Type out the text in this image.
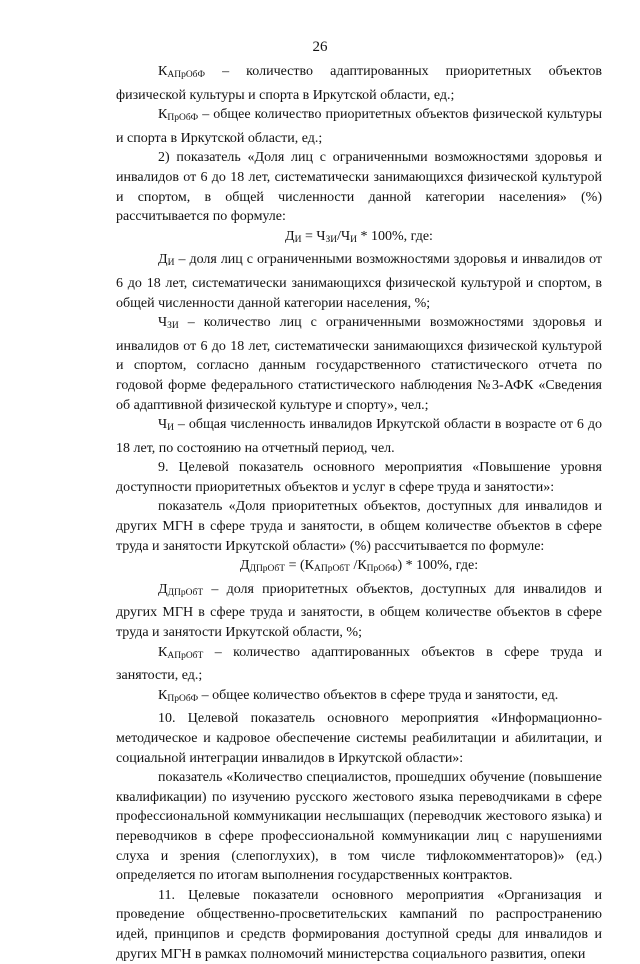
26

$К_{АПрОбФ}$ – количество адаптированных приоритетных объектов физической культуры и спорта в Иркутской области, ед.;

$К_{ПрОбФ}$ – общее количество приоритетных объектов физической культуры и спорта в Иркутской области, ед.;

2) показатель «Доля лиц с ограниченными возможностями здоровья и инвалидов от 6 до 18 лет, систематически занимающихся физической культурой и спортом, в общей численности данной категории населения» (%) рассчитывается по формуле:

$Д_И = Ч_{ЗИ}/Ч_И * 100\%$, где:

$Д_И$ – доля лиц с ограниченными возможностями здоровья и инвалидов от 6 до 18 лет, систематически занимающихся физической культурой и спортом, в общей численности данной категории населения, %;

$Ч_{ЗИ}$ – количество лиц с ограниченными возможностями здоровья и инвалидов от 6 до 18 лет, систематически занимающихся физической культурой и спортом, согласно данным государственного статистического отчета по годовой форме федерального статистического наблюдения №3-АФК «Сведения об адаптивной физической культуре и спорту», чел.;

$Ч_И$ – общая численность инвалидов Иркутской области в возрасте от 6 до 18 лет, по состоянию на отчетный период, чел.

9. Целевой показатель основного мероприятия «Повышение уровня доступности приоритетных объектов и услуг в сфере труда и занятости»:

показатель «Доля приоритетных объектов, доступных для инвалидов и других МГН в сфере труда и занятости, в общем количестве объектов в сфере труда и занятости Иркутской области» (%) рассчитывается по формуле:

$Д_{ДПрОбТ} = (К_{АПрОбТ}$ $/К_{ПрОбФ}) * 100\%$, где:

$Д_{ДПрОбТ}$ – доля приоритетных объектов, доступных для инвалидов и других МГН в сфере труда и занятости, в общем количестве объектов в сфере труда и занятости Иркутской области, %;

$К_{АПрОбТ}$ – количество адаптированных объектов в сфере труда и занятости, ед.;

$К_{ПрОбФ}$ – общее количество объектов в сфере труда и занятости, ед.

10. Целевой показатель основного мероприятия «Информационно-методическое и кадровое обеспечение системы реабилитации и абилитации, и социальной интеграции инвалидов в Иркутской области»:

показатель «Количество специалистов, прошедших обучение (повышение квалификации) по изучению русского жестового языка переводчиками в сфере профессиональной коммуникации неслышащих (переводчик жестового языка) и переводчиков в сфере профессиональной коммуникации лиц с нарушениями слуха и зрения (слепоглухих), в том числе тифлокомментаторов)» (ед.) определяется по итогам выполнения государственных контрактов.

11. Целевые показатели основного мероприятия «Организация и проведение общественно-просветительских кампаний по распространению идей, принципов и средств формирования доступной среды для инвалидов и других МГН в рамках полномочий министерства социального развития, опеки
